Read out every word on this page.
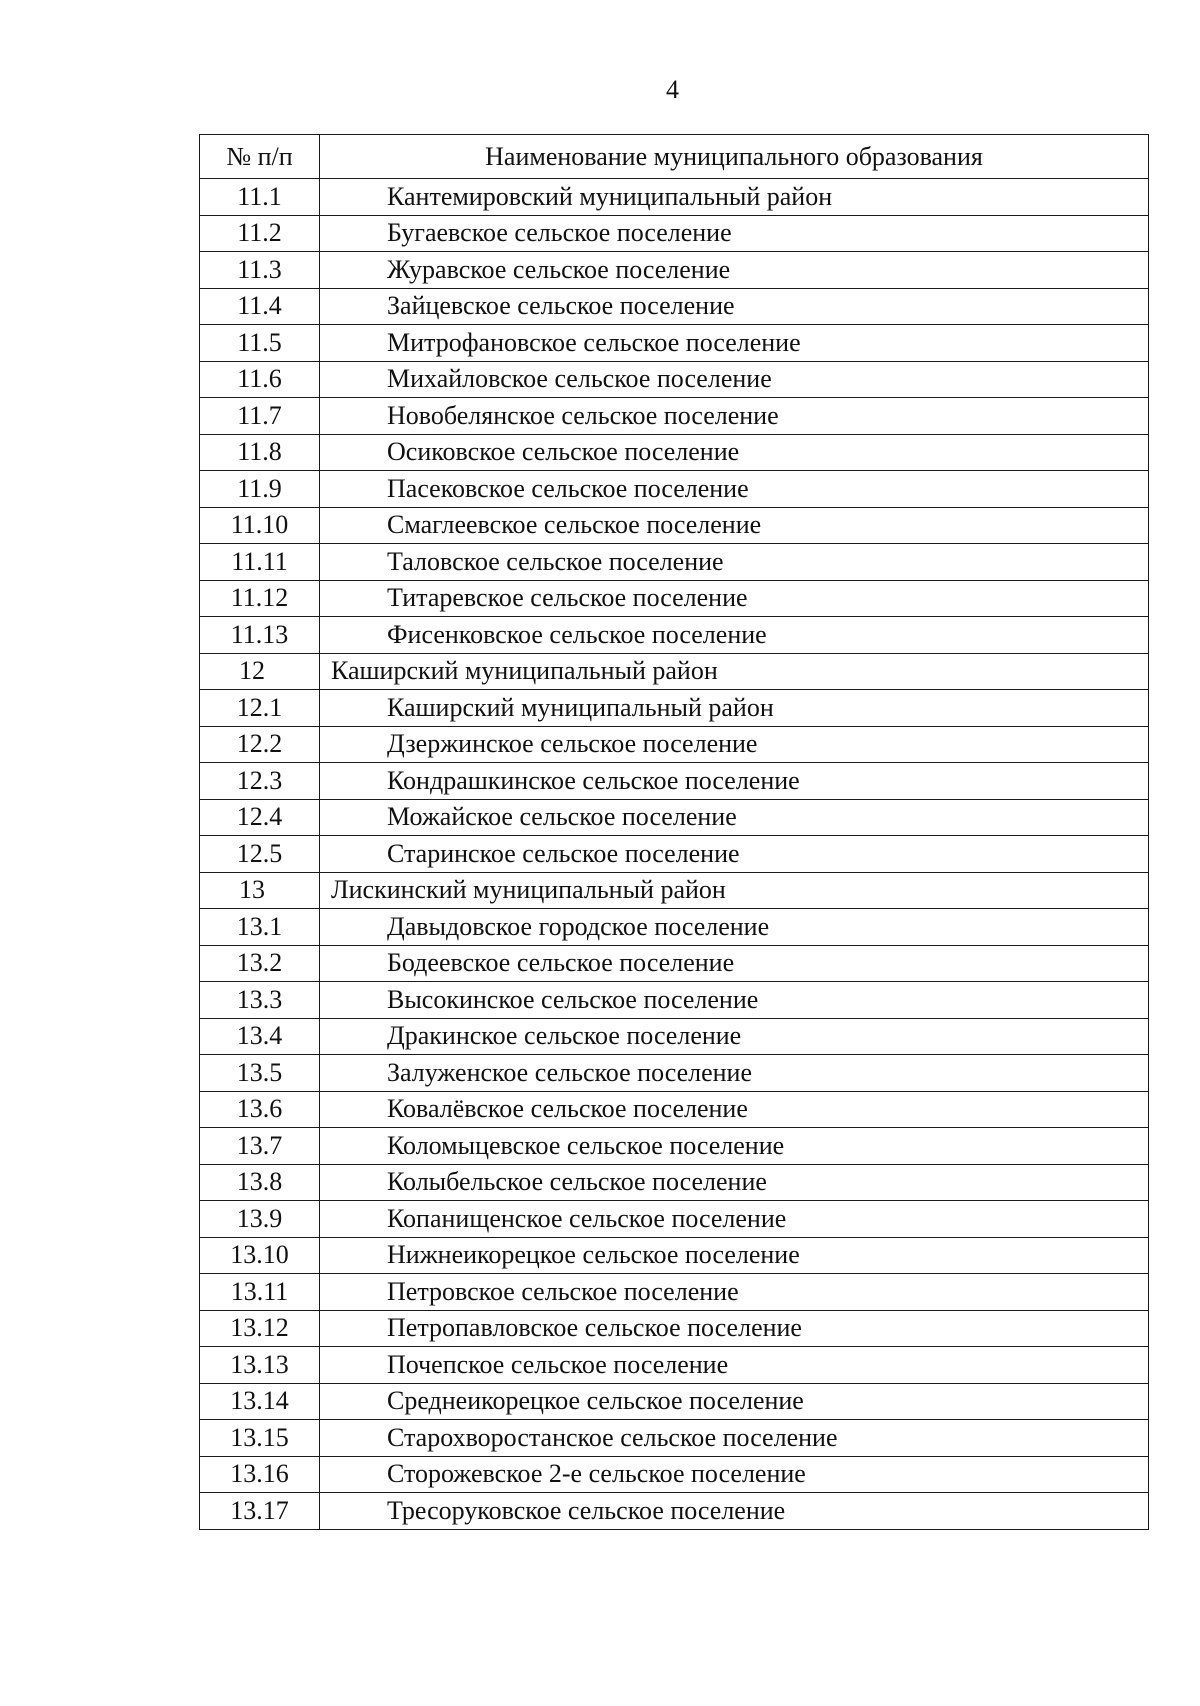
4
№ п/п	Наименование муниципального образования
11.1	Кантемировский муниципальный район
11.2	Бугаевское сельское поселение
11.3	Журавское сельское поселение
11.4	Зайцевское сельское поселение
11.5	Митрофановское сельское поселение
11.6	Михайловское сельское поселение
11.7	Новобелянское сельское поселение
11.8	Осиковское сельское поселение
11.9	Пасековское сельское поселение
11.10	Смаглеевское сельское поселение
11.11	Таловское сельское поселение
11.12	Титаревское сельское поселение
11.13	Фисенковское сельское поселение
12	Каширский муниципальный район
12.1	Каширский муниципальный район
12.2	Дзержинское сельское поселение
12.3	Кондрашкинское сельское поселение
12.4	Можайское сельское поселение
12.5	Старинское сельское поселение
13	Лискинский муниципальный район
13.1	Давыдовское городское поселение
13.2	Бодеевское сельское поселение
13.3	Высокинское сельское поселение
13.4	Дракинское сельское поселение
13.5	Залуженское сельское поселение
13.6	Ковалёвское сельское поселение
13.7	Коломыцевское сельское поселение
13.8	Колыбельское сельское поселение
13.9	Копанищенское сельское поселение
13.10	Нижнеикорецкое сельское поселение
13.11	Петровское сельское поселение
13.12	Петропавловское сельское поселение
13.13	Почепское сельское поселение
13.14	Среднеикорецкое сельское поселение
13.15	Старохворостанское сельское поселение
13.16	Сторожевское 2-е сельское поселение
13.17	Тресоруковское сельское поселение
